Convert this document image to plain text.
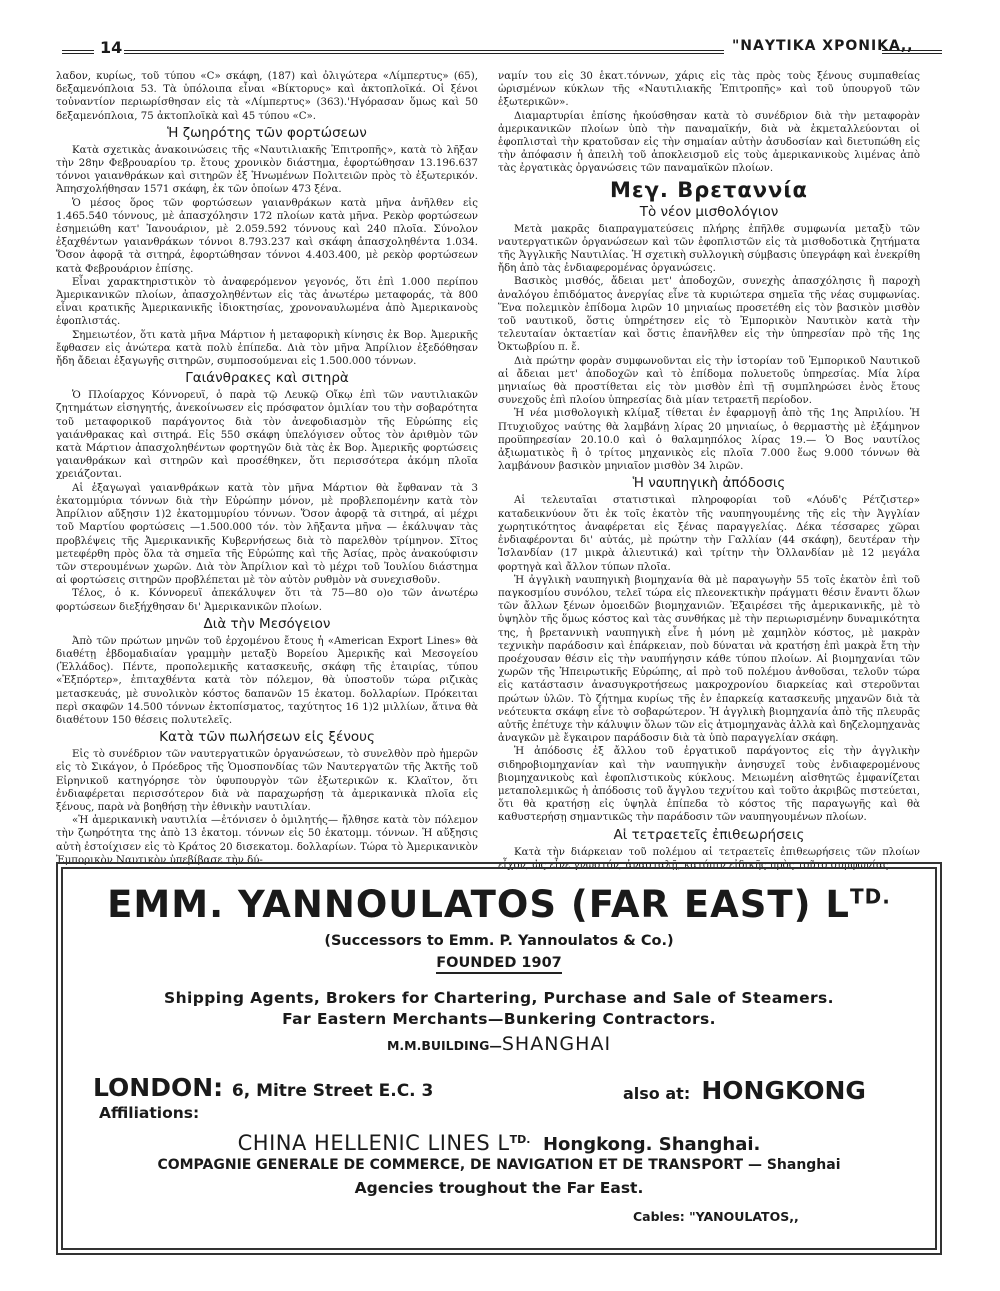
14	"ΝΑΥΤΙΚΑ ΧΡΟΝΙΚΑ,,

λαδον, κυρίως, τοῦ τύπου «C» σκάφη, (187) καὶ ὀλιγώτερα «Λίμπερτυς» (65), δεξαμενόπλοια 53. Τὰ ὑπόλοιπα εἶναι «Βίκτορυς» καὶ ἀκτοπλοϊκά. Οἱ ξένοι τοὐναντίον περιωρίσθησαν εἰς τὰ «Λίμπερτυς» (363).'Ηγόρασαν ὅμως καὶ 50 δεξαμενόπλοια, 75 ἀκτοπλοϊκὰ καὶ 45 τύπου «C».

Ἡ ζωηρότης τῶν φορτώσεων

Κατὰ σχετικὰς ἀνακοινώσεις τῆς «Ναυτιλιακῆς Ἐπιτροπῆς», κατὰ τὸ λῆξαν τὴν 28ην Φεβρουαρίου τρ. ἔτους χρονικὸν διάστημα, ἐφορτώθησαν 13.196.637 τόννοι γαιανθράκων καὶ σιτηρῶν ἐξ Ἡνωμένων Πολιτειῶν πρὸς τὸ ἐξωτερικόν. Ἀπησχολήθησαν 1571 σκάφη, ἐκ τῶν ὁποίων 473 ξένα.

Ὁ μέσος ὅρος τῶν φορτώσεων γαιανθράκων κατὰ μῆνα ἀνῆλθεν εἰς 1.465.540 τόννους, μὲ ἀπασχόλησιν 172 πλοίων κατὰ μῆνα. Ρεκὸρ φορτώσεων ἐσημειώθη κατ' Ἰανουάριον, μὲ 2.059.592 τόννους καὶ 240 πλοῖα. Σύνολον ἐξαχθέντων γαιανθράκων τόννοι 8.793.237 καὶ σκάφη ἀπασχοληθέντα 1.034. Ὅσον ἀφορᾷ τὰ σιτηρά, ἐφορτώθησαν τόννοι 4.403.400, μὲ ρεκὸρ φορτώσεων κατὰ Φεβρουάριον ἐπίσης.

Εἶναι χαρακτηριστικὸν τὸ ἀναφερόμενον γεγονός, ὅτι ἐπὶ 1.000 περίπου Ἀμερικανικῶν πλοίων, ἀπασχοληθέντων εἰς τὰς ἀνωτέρω μεταφοράς, τὰ 800 εἶναι κρατικῆς Ἀμερικανικῆς ἰδιοκτησίας, χρονοναυλωμένα ἀπὸ Ἀμερικανοὺς ἐφοπλιστάς.

Σημειωτέον, ὅτι κατὰ μῆνα Μάρτιον ἡ μεταφορικὴ κίνησις ἐκ Βορ. Ἀμερικῆς ἔφθασεν εἰς ἀνώτερα κατὰ πολὺ ἐπίπεδα. Διὰ τὸν μῆνα Ἀπρίλιον ἐξεδόθησαν ἤδη ἄδειαι ἐξαγωγῆς σιτηρῶν, συμποσούμεναι εἰς 1.500.000 τόννων.

Γαιάνθρακες καὶ σιτηρὰ

Ὁ Πλοίαρχος Κόννορευϊ, ὁ παρὰ τῷ Λευκῷ Οἴκῳ ἐπὶ τῶν ναυτιλιακῶν ζητημάτων εἰσηγητής, ἀνεκοίνωσεν εἰς πρόσφατον ὁμιλίαν του τὴν σοβαρότητα τοῦ μεταφορικοῦ παράγοντος διὰ τὸν ἀνεφοδιασμὸν τῆς Εὐρώπης εἰς γαιάνθρακας καὶ σιτηρά. Εἰς 550 σκάφη ὑπελόγισεν οὗτος τὸν ἀριθμὸν τῶν κατὰ Μάρτιον ἀπασχοληθέντων φορτηγῶν διὰ τὰς ἐκ Βορ. Ἀμερικῆς φορτώσεις γαιανθράκων καὶ σιτηρῶν καὶ προσέθηκεν, ὅτι περισσότερα ἀκόμη πλοῖα χρειάζονται.

Αἱ ἐξαγωγαὶ γαιανθράκων κατὰ τὸν μῆνα Μάρτιον θὰ ἔφθαναν τὰ 3 ἑκατομμύρια τόννων διὰ τὴν Εὐρώπην μόνον, μὲ προβλεπομένην κατὰ τὸν Ἀπρίλιον αὔξησιν 1)2 ἑκατομμυρίου τόννων. Ὅσον ἀφορᾷ τὰ σιτηρά, αἱ μέχρι τοῦ Μαρτίου φορτώσεις —1.500.000 τόν. τὸν λῆξαντα μῆνα — ἐκάλυψαν τὰς προβλέψεις τῆς Ἀμερικανικῆς Κυβερνήσεως διὰ τὸ παρελθὸν τρίμηνον. Σῖτος μετεφέρθη πρὸς ὅλα τὰ σημεῖα τῆς Εὐρώπης καὶ τῆς Ἀσίας, πρὸς ἀνακούφισιν τῶν στερουμένων χωρῶν. Διὰ τὸν Ἀπρίλιον καὶ τὸ μέχρι τοῦ Ἰουλίου διάστημα αἱ φορτώσεις σιτηρῶν προβλέπεται μὲ τὸν αὐτὸν ρυθμὸν νὰ συνεχισθοῦν.

Τέλος, ὁ κ. Κόννορευϊ ἀπεκάλυψεν ὅτι τὰ 75—80 ο)ο τῶν ἀνωτέρω φορτώσεων διεξήχθησαν δι' Ἀμερικανικῶν πλοίων.

Διὰ τὴν Μεσόγειον

Ἀπὸ τῶν πρώτων μηνῶν τοῦ ἐρχομένου ἔτους ἡ «American Export Lines» θὰ διαθέτῃ ἑβδομαδιαίαν γραμμὴν μεταξὺ Βορείου Ἀμερικῆς καὶ Μεσογείου (Ἑλλάδος). Πέντε, προπολεμικῆς κατασκευῆς, σκάφη τῆς ἑταιρίας, τύπου «Ἐξπόρτερ», ἐπιταχθέντα κατὰ τὸν πόλεμον, θὰ ὑποστοῦν τώρα ριζικὰς μετασκευάς, μὲ συνολικὸν κόστος δαπανῶν 15 ἑκατομ. δολλαρίων. Πρόκειται περὶ σκαφῶν 14.500 τόννων ἐκτοπίσματος, ταχύτητος 16 1)2 μιλλίων, ἅτινα θὰ διαθέτουν 150 θέσεις πολυτελεῖς.

Κατὰ τῶν πωλήσεων εἰς ξένους

Εἰς τὸ συνέδριον τῶν ναυτεργατικῶν ὀργανώσεων, τὸ συνελθὸν πρὸ ἡμερῶν εἰς τὸ Σικάγον, ὁ Πρόεδρος τῆς Ὁμοσπονδίας τῶν Ναυτεργατῶν τῆς Ἀκτῆς τοῦ Εἰρηνικοῦ κατηγόρησε τὸν ὑφυπουργὸν τῶν ἐξωτερικῶν κ. Κλαϊτον, ὅτι ἐνδιαφέρεται περισσότερον διὰ νὰ παραχωρήσῃ τὰ ἀμερικανικὰ πλοῖα εἰς ξένους, παρὰ νὰ βοηθήσῃ τὴν ἐθνικὴν ναυτιλίαν.

«Ἡ ἀμερικανικὴ ναυτιλία —ἐτόνισεν ὁ ὁμιλητής— ἤλθησε κατὰ τὸν πόλεμον τὴν ζωηρότητα της ἀπὸ 13 ἑκατομ. τόννων εἰς 50 ἑκατομμ. τόννων. Ἡ αὔξησις αὐτὴ ἐστοίχισεν εἰς τὸ Κράτος 20 δισεκατομ. δολλαρίων. Τώρα τὸ Ἀμερικανικὸν Ἐμπορικὸν Ναυτικὸν ὑπεβίβασε τὴν δύ-

ναμίν του εἰς 30 ἑκατ.τόννων, χάρις εἰς τὰς πρὸς τοὺς ξένους συμπαθείας ὡρισμένων κύκλων τῆς «Ναυτιλιακῆς Ἐπιτροπῆς» καὶ τοῦ ὑπουργοῦ τῶν ἐξωτερικῶν».

Διαμαρτυρίαι ἐπίσης ἠκούσθησαν κατὰ τὸ συνέδριον διὰ τὴν μεταφορὰν ἀμερικανικῶν πλοίων ὑπὸ τὴν παναμαϊκήν, διὰ νὰ ἐκμεταλλεύονται οἱ ἐφοπλισταὶ τὴν κρατοῦσαν εἰς τὴν σημαίαν αὐτὴν ἀσυδοσίαν καὶ διετυπώθη εἰς τὴν ἀπόφασιν ἡ ἀπειλὴ τοῦ ἀποκλεισμοῦ εἰς τοὺς ἀμερικανικοὺς λιμένας ἀπὸ τὰς ἐργατικὰς ὀργανώσεις τῶν παναμαϊκῶν πλοίων.

Μεγ. Βρεταννία
Τὸ νέον μισθολόγιον

Μετὰ μακρᾶς διαπραγματεύσεις πλήρης ἐπῆλθε συμφωνία μεταξὺ τῶν ναυτεργατικῶν ὀργανώσεων καὶ τῶν ἐφοπλιστῶν εἰς τὰ μισθοδοτικὰ ζητήματα τῆς Ἀγγλικῆς Ναυτιλίας. Ἡ σχετικὴ συλλογικὴ σύμβασις ὑπεγράφη καὶ ἐνεκρίθη ἤδη ἀπὸ τὰς ἐνδιαφερομένας ὀργανώσεις.

Βασικὸς μισθός, ἄδειαι μετ' ἀποδοχῶν, συνεχὴς ἀπασχόλησις ἢ παροχὴ ἀναλόγου ἐπιδόματος ἀνεργίας εἶνε τὰ κυριώτερα σημεῖα τῆς νέας συμφωνίας. Ἕνα πολεμικὸν ἐπίδομα λιρῶν 10 μηνιαίως προσετέθη εἰς τὸν βασικὸν μισθὸν τοῦ ναυτικοῦ, ὅστις ὑπηρέτησεν εἰς τὸ Ἐμπορικὸν Ναυτικὸν κατὰ τὴν τελευταίαν ὀκταετίαν καὶ ὅστις ἐπανῆλθεν εἰς τὴν ὑπηρεσίαν πρὸ τῆς 1ης Ὀκτωβρίου π. ἔ.

Διὰ πρώτην φορὰν συμφωνοῦνται εἰς τὴν ἱστορίαν τοῦ Ἐμπορικοῦ Ναυτικοῦ αἱ ἄδειαι μετ' ἀποδοχῶν καὶ τὸ ἐπίδομα πολυετοῦς ὑπηρεσίας. Μία λίρα μηνιαίως θὰ προστίθεται εἰς τὸν μισθὸν ἐπὶ τῇ συμπληρώσει ἑνὸς ἔτους συνεχοῦς ἐπὶ πλοίου ὑπηρεσίας διὰ μίαν τετραετῆ περίοδον.

Ἡ νέα μισθολογικὴ κλίμαξ τίθεται ἐν ἐφαρμογῇ ἀπὸ τῆς 1ης Ἀπριλίου. Ἡ Πτυχιοῦχος ναύτης θὰ λαμβάνῃ λίρας 20 μηνιαίως, ὁ θερμαστὴς μὲ ἐξάμηνον προϋπηρεσίαν 20.10.0 καὶ ὁ θαλαμηπόλος λίρας 19.— Ὁ Βος ναυτίλος ἀξιωματικὸς ἢ ὁ τρίτος μηχανικὸς εἰς πλοῖα 7.000 ἕως 9.000 τόννων θὰ λαμβάνουν βασικὸν μηνιαῖον μισθὸν 34 λιρῶν.

Ἡ ναυπηγικὴ ἀπόδοσις

Αἱ τελευταῖαι στατιστικαὶ πληροφορίαι τοῦ «Λόυδ'ς Ρέτζιστερ» καταδεικνύουν ὅτι ἐκ τοῖς ἑκατὸν τῆς ναυπηγουμένης τῆς εἰς τὴν Ἀγγλίαν χωρητικότητος ἀναφέρεται εἰς ξένας παραγγελίας. Δέκα τέσσαρες χῶραι ἐνδιαφέρονται δι' αὐτάς, μὲ πρώτην τὴν Γαλλίαν (44 σκάφη), δευτέραν τὴν Ἰσλανδίαν (17 μικρὰ ἁλιευτικά) καὶ τρίτην τὴν Ὀλλανδίαν μὲ 12 μεγάλα φορτηγὰ καὶ ἄλλον τύπων πλοῖα.

Ἡ ἀγγλικὴ ναυπηγικὴ βιομηχανία θὰ μὲ παραγωγὴν 55 τοῖς ἑκατὸν ἐπὶ τοῦ παγκοσμίου συνόλου, τελεῖ τώρα εἰς πλεονεκτικὴν πράγματι θέσιν ἔναντι ὅλων τῶν ἄλλων ξένων ὁμοειδῶν βιομηχανιῶν. Ἐξαιρέσει τῆς ἀμερικανικῆς, μὲ τὸ ὑψηλὸν τῆς ὅμως κόστος καὶ τὰς συνθήκας μὲ τὴν περιωρισμένην δυναμικότητα της, ἡ βρεταννικὴ ναυπηγικὴ εἶνε ἡ μόνη μὲ χαμηλὸν κόστος, μὲ μακρὰν τεχνικὴν παράδοσιν καὶ ἐπάρκειαν, ποὺ δύναται νὰ κρατήσῃ ἐπὶ μακρὰ ἔτη τὴν προέχουσαν θέσιν εἰς τὴν ναυπήγησιν κάθε τύπου πλοίων. Αἱ βιομηχανίαι τῶν χωρῶν τῆς Ἠπειρωτικῆς Εὐρώπης, αἱ πρὸ τοῦ πολέμου ἀνθοῦσαι, τελοῦν τώρα εἰς κατάστασιν ἀνασυγκροτήσεως μακροχρονίου διαρκείας καὶ στεροῦνται πρώτων ὑλῶν. Τὸ ζήτημα κυρίως τῆς ἐν ἐπαρκείᾳ κατασκευῆς μηχανῶν διὰ τὰ νεότευκτα σκάφη εἶνε τὸ σοβαρώτερον. Ἡ ἀγγλικὴ βιομηχανία ἀπὸ τῆς πλευρᾶς αὐτῆς ἐπέτυχε τὴν κάλυψιν ὅλων τῶν εἰς ἀτμομηχανὰς ἀλλὰ καὶ δηζελομηχανὰς ἀναγκῶν μὲ ἔγκαιρον παράδοσιν διὰ τὰ ὑπὸ παραγγελίαν σκάφη.

Ἡ ἀπόδοσις ἐξ ἄλλου τοῦ ἐργατικοῦ παράγοντος εἰς τὴν ἀγγλικὴν σιδηροβιομηχανίαν καὶ τὴν ναυπηγικὴν ἀνησυχεῖ τοὺς ἐνδιαφερομένους βιομηχανικοὺς καὶ ἐφοπλιστικοὺς κύκλους. Μειωμένη αἰσθητῶς ἐμφανίζεται μεταπολεμικῶς ἡ ἀπόδοσις τοῦ ἄγγλου τεχνίτου καὶ τοῦτο ἀκριβῶς πιστεύεται, ὅτι θὰ κρατήσῃ εἰς ὑψηλὰ ἐπίπεδα τὸ κόστος τῆς παραγωγῆς καὶ θὰ καθυστερήσῃ σημαντικῶς τὴν παράδοσιν τῶν ναυπηγουμένων πλοίων.

Αἱ τετραετεῖς ἐπιθεωρήσεις

Κατὰ τὴν διάρκειαν τοῦ πολέμου αἱ τετραετεῖς ἐπιθεωρήσεις τῶν πλοίων εἶχον, ὡς εἶνε γνωστόν, ἀνασταλῇ, κατόπιν εἰδικῆς πρὸς τοῦτο συμφωνίας

EMM. YANNOULATOS (FAR EAST) $L^{TD.}$
(Successors to Emm. P. Yannoulatos & Co.)
FOUNDED 1907
Shipping Agents, Brokers for Chartering, Purchase and Sale of Steamers.
Far Eastern Merchants—Bunkering Contractors.
M.M.BUILDING—SHANGHAI
LONDON: 6, Mitre Street E.C. 3	also at: HONGKONG
Affiliations:
CHINA HELLENIC LINES $L^{TD.}$ Hongkong. Shanghai.
COMPAGNIE GENERALE DE COMMERCE, DE NAVIGATION ET DE TRANSPORT — Shanghai
Agencies troughout the Far East.
Cables: "YANOULATOS,,
